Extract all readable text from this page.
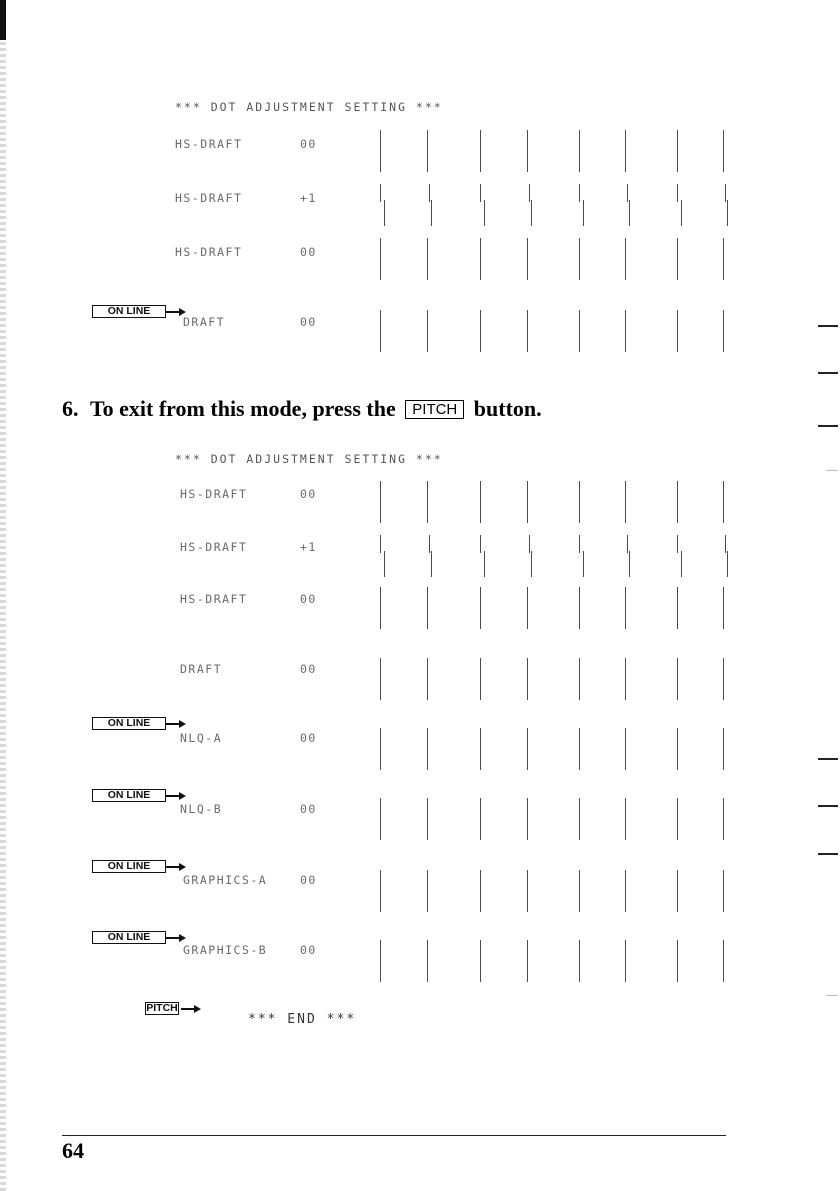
*** DOT ADJUSTMENT SETTING ***
HS-DRAFT	00
HS-DRAFT	+1
HS-DRAFT	00
ON LINE
DRAFT	00
6. To exit from this mode, press the PITCH button.
*** DOT ADJUSTMENT SETTING ***
HS-DRAFT	00
HS-DRAFT	+1
HS-DRAFT	00
DRAFT	00
ON LINE
NLQ-A	00
ON LINE
NLQ-B	00
ON LINE
GRAPHICS-A	00
ON LINE
GRAPHICS-B	00
PITCH
*** END ***
64
